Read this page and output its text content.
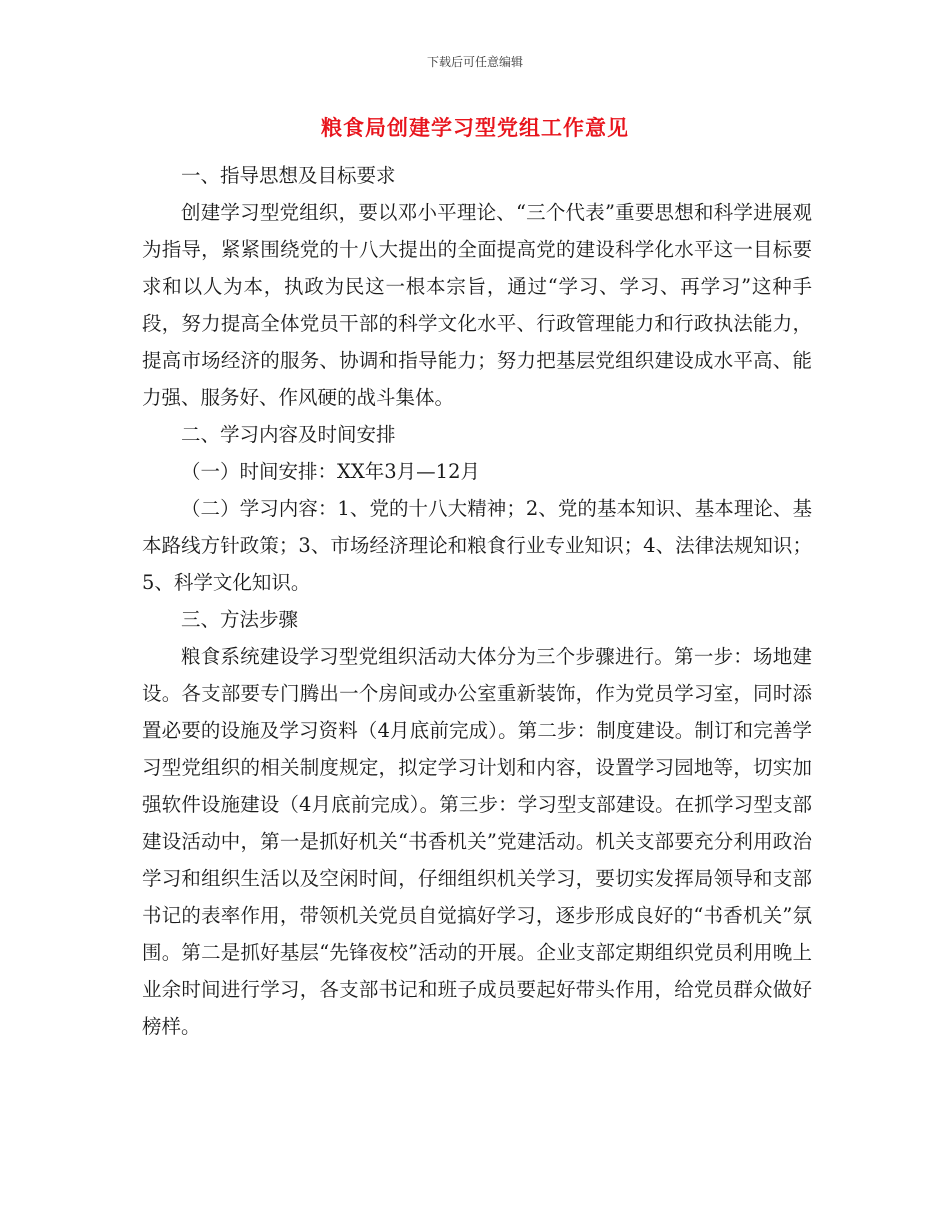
下载后可任意编辑
粮食局创建学习型党组工作意见

一、指导思想及目标要求

创建学习型党组织，要以邓小平理论、“三个代表”重要思想和科学进展观为指导，紧紧围绕党的十八大提出的全面提高党的建设科学化水平这一目标要求和以人为本，执政为民这一根本宗旨，通过“学习、学习、再学习”这种手段，努力提高全体党员干部的科学文化水平、行政管理能力和行政执法能力，提高市场经济的服务、协调和指导能力；努力把基层党组织建设成水平高、能力强、服务好、作风硬的战斗集体。

二、学习内容及时间安排

（一）时间安排：XX年3月—12月

（二）学习内容：1、党的十八大精神；2、党的基本知识、基本理论、基本路线方针政策；3、市场经济理论和粮食行业专业知识；4、法律法规知识；5、科学文化知识。

三、方法步骤

粮食系统建设学习型党组织活动大体分为三个步骤进行。第一步：场地建设。各支部要专门腾出一个房间或办公室重新装饰，作为党员学习室，同时添置必要的设施及学习资料（4月底前完成）。第二步：制度建设。制订和完善学习型党组织的相关制度规定，拟定学习计划和内容，设置学习园地等，切实加强软件设施建设（4月底前完成）。第三步：学习型支部建设。在抓学习型支部建设活动中，第一是抓好机关“书香机关”党建活动。机关支部要充分利用政治学习和组织生活以及空闲时间，仔细组织机关学习，要切实发挥局领导和支部书记的表率作用，带领机关党员自觉搞好学习，逐步形成良好的“书香机关”氛围。第二是抓好基层“先锋夜校”活动的开展。企业支部定期组织党员利用晚上业余时间进行学习，各支部书记和班子成员要起好带头作用，给党员群众做好榜样。
